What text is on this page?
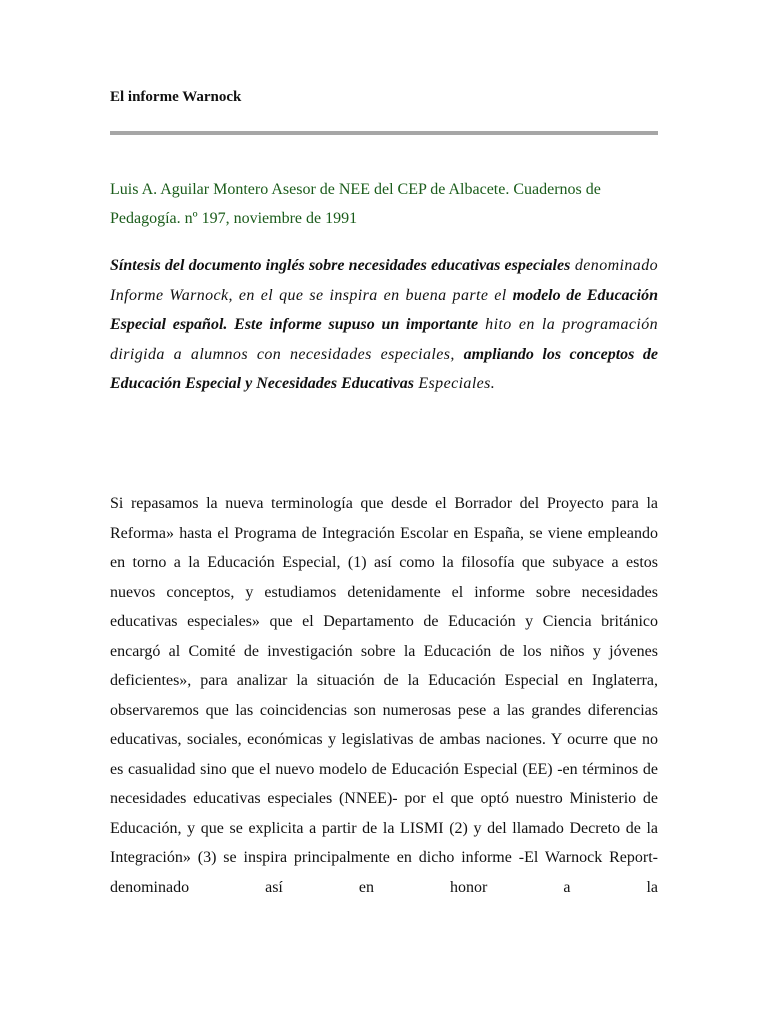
El informe Warnock
Luis A. Aguilar Montero Asesor de NEE del CEP de Albacete. Cuadernos de Pedagogía. nº 197, noviembre de 1991
Síntesis del documento inglés sobre necesidades educativas especiales denominado Informe Warnock, en el que se inspira en buena parte el modelo de Educación Especial español. Este informe supuso un importante hito en la programación dirigida a alumnos con necesidades especiales, ampliando los conceptos de Educación Especial y Necesidades Educativas Especiales.
Si repasamos la nueva terminología que desde el Borrador del Proyecto para la Reforma» hasta el Programa de Integración Escolar en España, se viene empleando en torno a la Educación Especial, (1) así como la filosofía que subyace a estos nuevos conceptos, y estudiamos detenidamente el informe sobre necesidades educativas especiales» que el Departamento de Educación y Ciencia británico encargó al Comité de investigación sobre la Educación de los niños y jóvenes deficientes», para analizar la situación de la Educación Especial en Inglaterra, observaremos que las coincidencias son numerosas pese a las grandes diferencias educativas, sociales, económicas y legislativas de ambas naciones. Y ocurre que no es casualidad sino que el nuevo modelo de Educación Especial (EE) -en términos de necesidades educativas especiales (NNEE)- por el que optó nuestro Ministerio de Educación, y que se explicita a partir de la LISMI (2) y del llamado Decreto de la Integración» (3) se inspira principalmente en dicho informe -El Warnock Report- denominado así en honor a la
